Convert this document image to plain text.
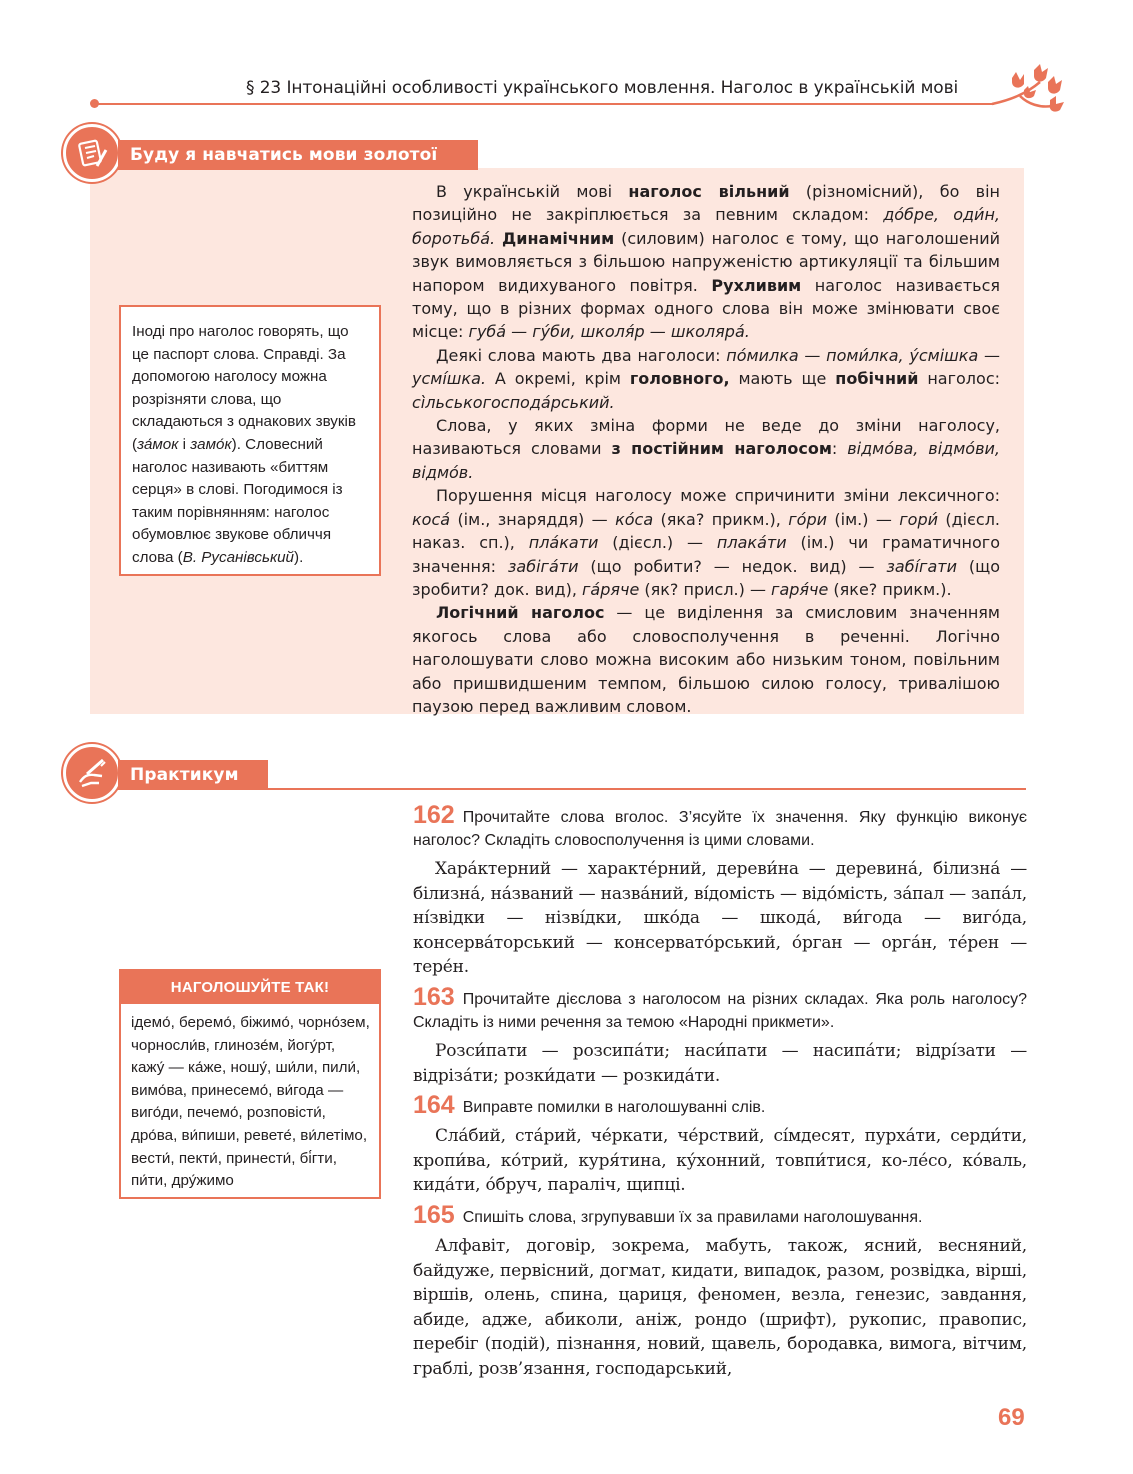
§ 23 Інтонаційні особливості українського мовлення. Наголос в українській мові
Буду я навчатись мови золотої
Іноді про наголос говорять, що це паспорт слова. Справді. За допомогою наголосу можна розрізняти слова, що складаються з однакових звуків (за́мок і замо́к). Словесний наголос називають «биттям серця» в слові. Погодимося із таким порівнянням: наголос обумовлює звукове обличчя слова (В. Русанівський).

В українській мові наголос вільний (різномісний), бо він позиційно не закріплюється за певним складом: до́бре, оди́н, боротьба́. Динамічним (силовим) наголос є тому, що наголошений звук вимовляється з більшою напруженістю артикуляції та більшим напором видихуваного повітря. Рухливим наголос називається тому, що в різних формах одного слова він може змінювати своє місце: губа́ — гу́би, школя́р — школяра́.

Деякі слова мають два наголоси: по́милка — поми́лка, у́смішка — усмі́шка. А окремі, крім головного, мають ще побічний наголос: сі̀льськогосподáрський.

Слова, у яких зміна форми не веде до зміни наголосу, називаються словами з постійним наголосом: відмо́ва, відмо́ви, відмо́в.

Порушення місця наголосу може спричинити зміни лексичного: коса́ (ім., знаряддя) — ко́са (яка? прикм.), го́ри (ім.) — гори́ (дієсл. наказ. сп.), пла́кати (дієсл.) — плака́ти (ім.) чи граматичного значення: забіга́ти (що робити? — недок. вид) — забі́гати (що зробити? док. вид), га́ряче (як? присл.) — гаря́че (яке? прикм.).

Логічний наголос — це виділення за смисловим значенням якогось слова або словосполучення в реченні. Логічно наголошувати слово можна високим або низьким тоном, повільним або пришвидшеним темпом, більшою силою голосу, тривалішою паузою перед важливим словом.

Практикум
162 Прочитайте слова вголос. З’ясуйте їх значення. Яку функцію виконує наголос? Складіть словосполучення із цими словами.
Хара́ктерний — характе́рний, дереви́на — деревина́, білизна́ — білизна́, на́званий — назва́ний, ві́домість — відо́мість, за́пал — запа́л, ні́звідки — нізві́дки, шко́да — шкода́, ви́года — виго́да, консерва́торський — консервато́рський, о́рган — орга́н, те́рен — тере́н.
163 Прочитайте дієслова з наголосом на різних складах. Яка роль наголосу? Складіть із ними речення за темою «Народні прикмети».
Розси́пати — розсипа́ти; наси́пати — насипа́ти; відрі́зати — відріза́ти; розки́дати — розкида́ти.
164 Виправте помилки в наголошуванні слів.
Сла́бий, ста́рий, че́ркати, че́рствий, сі́мдесят, пурха́ти, серди́ти, кропи́ва, ко́трий, куря́тина, ку́хонний, товпи́тися, ко-ле́со, ко́валь, кида́ти, о́бруч, параліч, щипці.
165 Спишіть слова, згрупувавши їх за правилами наголошування.
Алфавіт, договір, зокрема, мабуть, також, ясний, весняний, байдуже, первісний, догмат, кидати, випадок, разом, розвідка, вірші, віршів, олень, спина, цариця, феномен, везла, генезис, завдання, абиде, адже, абиколи, аніж, рондо (шрифт), рукопис, правопис, перебіг (подій), пізнання, новий, щавель, бородавка, вимога, вітчим, граблі, розв’язання, господарський,
НАГОЛОШУЙТЕ ТАК!
ідемо́, беремо́, біжимо́, чорно́зем, чорносли́в, глинозе́м, йогу́рт, кажу́ — ка́же, ношу́, ши́ли, пили́, вимо́ва, принесемо́, ви́года — виго́ди, печемо́, розповісти́, дро́ва, ви́пиши, ревете́, ви́летімо, вести́, пекти́, принести́, бі́гти, пи́ти, дру́жимо
69
